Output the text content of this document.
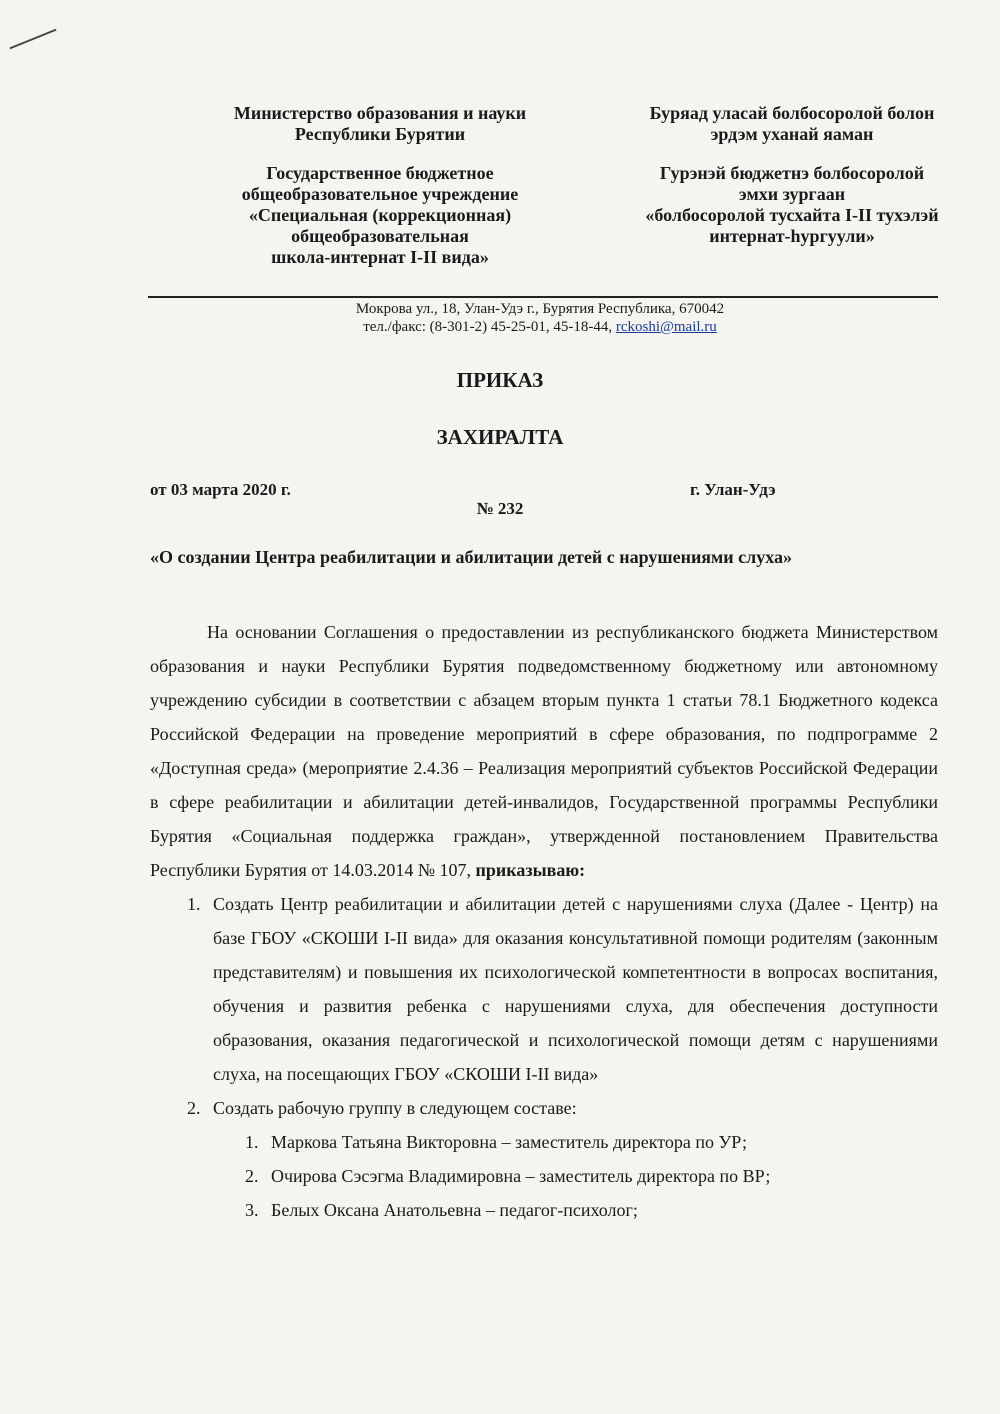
Министерство образования и науки
Республики Бурятии
Государственное бюджетное
общеобразовательное учреждение
«Специальная (коррекционная)
общеобразовательная
школа-интернат I-II вида»
Буряад уласай болбосоролой болон
эрдэм уханай яаман
Гурэнэй бюджетнэ болбосоролой
эмхи зургаан
«болбосоролой тусхайта I-II тухэлэй
интернат-hургуули»
Мокрова ул., 18, Улан-Удэ г., Бурятия Республика, 670042
тел./факс: (8-301-2) 45-25-01, 45-18-44, rckoshi@mail.ru
ПРИКАЗ
ЗАХИРАЛТА
от 03 марта 2020 г.	г. Улан-Удэ
№ 232
«О создании Центра реабилитации и абилитации детей с нарушениями слуха»

На основании Соглашения о предоставлении из республиканского бюджета Министерством образования и науки Республики Бурятия подведомственному бюджетному или автономному учреждению субсидии в соответствии с абзацем вторым пункта 1 статьи 78.1 Бюджетного кодекса Российской Федерации на проведение мероприятий в сфере образования, по подпрограмме 2 «Доступная среда» (мероприятие 2.4.36 – Реализация мероприятий субъектов Российской Федерации в сфере реабилитации и абилитации детей-инвалидов, Государственной программы Республики Бурятия «Социальная поддержка граждан», утвержденной постановлением Правительства Республики Бурятия от 14.03.2014 № 107, приказываю:

1. Создать Центр реабилитации и абилитации детей с нарушениями слуха (Далее - Центр) на базе ГБОУ «СКОШИ I-II вида» для оказания консультативной помощи родителям (законным представителям) и повышения их психологической компетентности в вопросах воспитания, обучения и развития ребенка с нарушениями слуха, для обеспечения доступности образования, оказания педагогической и психологической помощи детям с нарушениями слуха, на посещающих ГБОУ «СКОШИ I-II вида»
2. Создать рабочую группу в следующем составе:
1. Маркова Татьяна Викторовна – заместитель директора по УР;
2. Очирова Сэсэгма Владимировна – заместитель директора по ВР;
3. Белых Оксана Анатольевна – педагог-психолог;
